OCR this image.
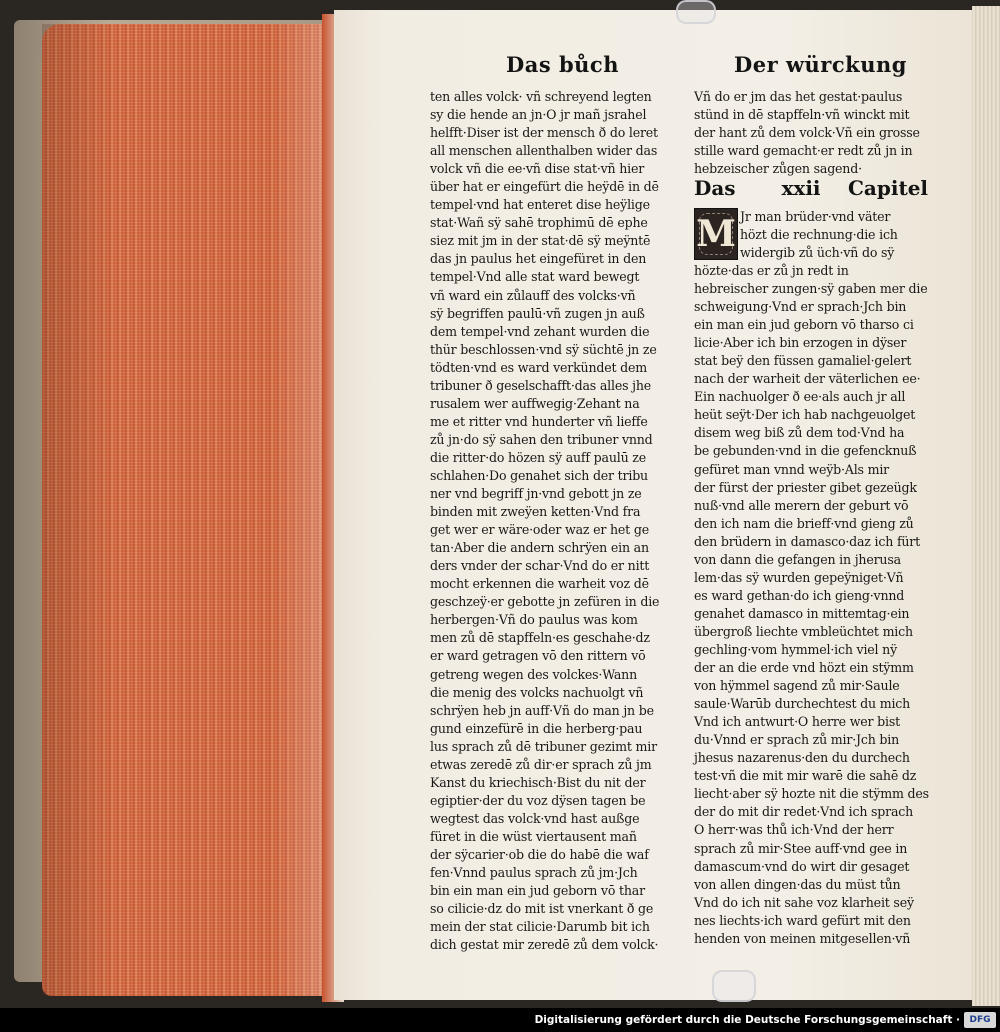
Das bůch	Der würckung
ten alles volck· vñ schreyend legten
sy die hende an jn·O jr mañ jsrahel
helfft·Diser ist der mensch ð do leret
all menschen allenthalben wider das
volck vñ die ee·vñ dise stat·vñ hier
über hat er eingefürt die heÿdē in dē
tempel·vnd hat enteret dise heÿlige
stat·Wañ sÿ sahē trophimū dē ephe
siez mit jm in der stat·dē sÿ meÿntē
das jn paulus het eingefüret in den
tempel·Vnd alle stat ward bewegt
vñ ward ein zůlauff des volcks·vñ
sÿ begriffen paulū·vñ zugen jn auß
dem tempel·vnd zehant wurden die
thür beschlossen·vnd sÿ süchtē jn ze
tödten·vnd es ward verkündet dem
tribuner ð geselschafft·das alles jhe
rusalem wer auffwegig·Zehant na
me et ritter vnd hunderter vñ lieffe
zů jn·do sÿ sahen den tribuner vnnd
die ritter·do hözen sÿ auff paulū ze
schlahen·Do genahet sich der tribu
ner vnd begriff jn·vnd gebott jn ze
binden mit zweÿen ketten·Vnd fra
get wer er wäre·oder waz er het ge
tan·Aber die andern schrÿen ein an
ders vnder der schar·Vnd do er nitt
mocht erkennen die warheit voz dē
geschzeÿ·er gebotte jn zefüren in die
herbergen·Vñ do paulus was kom
men zů dē stapffeln·es geschahe·dz
er ward getragen vō den rittern vō
getreng wegen des volckes·Wann
die menig des volcks nachuolgt vñ
schrÿen heb jn auff·Vñ do man jn be
gund einzefürē in die herberg·pau
lus sprach zů dē tribuner gezimt mir
etwas zeredē zů dir·er sprach zů jm
Kanst du kriechisch·Bist du nit der
egiptier·der du voz dÿsen tagen be
wegtest das volck·vnd hast außge
füret in die wüst viertausent mañ
der sÿcarier·ob die do habē die waf
fen·Vnnd paulus sprach zů jm·Jch
bin ein man ein jud geborn vō thar
so cilicie·dz do mit ist vnerkant ð ge
mein der stat cilicie·Darumb bit ich
dich gestat mir zeredē zů dem volck·
Vñ do er jm das het gestat·paulus
stünd in dē stapffeln·vñ winckt mit
der hant zů dem volck·Vñ ein grosse
stille ward gemacht·er redt zů jn in
hebzeischer zůgen sagend·
Das xxii Capitel
M Jr man brüder·vnd väter
hözt die rechnung·die ich
widergib zů üch·vñ do sÿ
hözte·das er zů jn redt in
hebreischer zungen·sÿ gaben mer die
schweigung·Vnd er sprach·Jch bin
ein man ein jud geborn vō tharso ci
licie·Aber ich bin erzogen in dÿser
stat beÿ den füssen gamaliel·gelert
nach der warheit der väterlichen ee·
Ein nachuolger ð ee·als auch jr all
heüt seÿt·Der ich hab nachgeuolget
disem weg biß zů dem tod·Vnd ha
be gebunden·vnd in die gefencknuß
gefüret man vnnd weÿb·Als mir
der fürst der priester gibet gezeügk
nuß·vnd alle merern der geburt vō
den ich nam die brieff·vnd gieng zů
den brüdern in damasco·daz ich fürt
von dann die gefangen in jherusa
lem·das sÿ wurden gepeÿniget·Vñ
es ward gethan·do ich gieng·vnnd
genahet damasco in mittemtag·ein
übergroß liechte vmbleüchtet mich
gechling·vom hymmel·ich viel nÿ
der an die erde vnd hözt ein stÿmm
von hÿmmel sagend zů mir·Saule
saule·Warūb durchechtest du mich
Vnd ich antwurt·O herre wer bist
du·Vnnd er sprach zů mir·Jch bin
jhesus nazarenus·den du durchech
test·vñ die mit mir warē die sahē dz
liecht·aber sÿ hozte nit die stÿmm des
der do mit dir redet·Vnd ich sprach
O herr·was thů ich·Vnd der herr
sprach zů mir·Stee auff·vnd gee in
damascum·vnd do wirt dir gesaget
von allen dingen·das du müst tůn
Vnd do ich nit sahe voz klarheit seÿ
nes liechts·ich ward gefürt mit den
henden von meinen mitgesellen·vñ
Digitalisierung gefördert durch die Deutsche Forschungsgemeinschaft ·	DFG
